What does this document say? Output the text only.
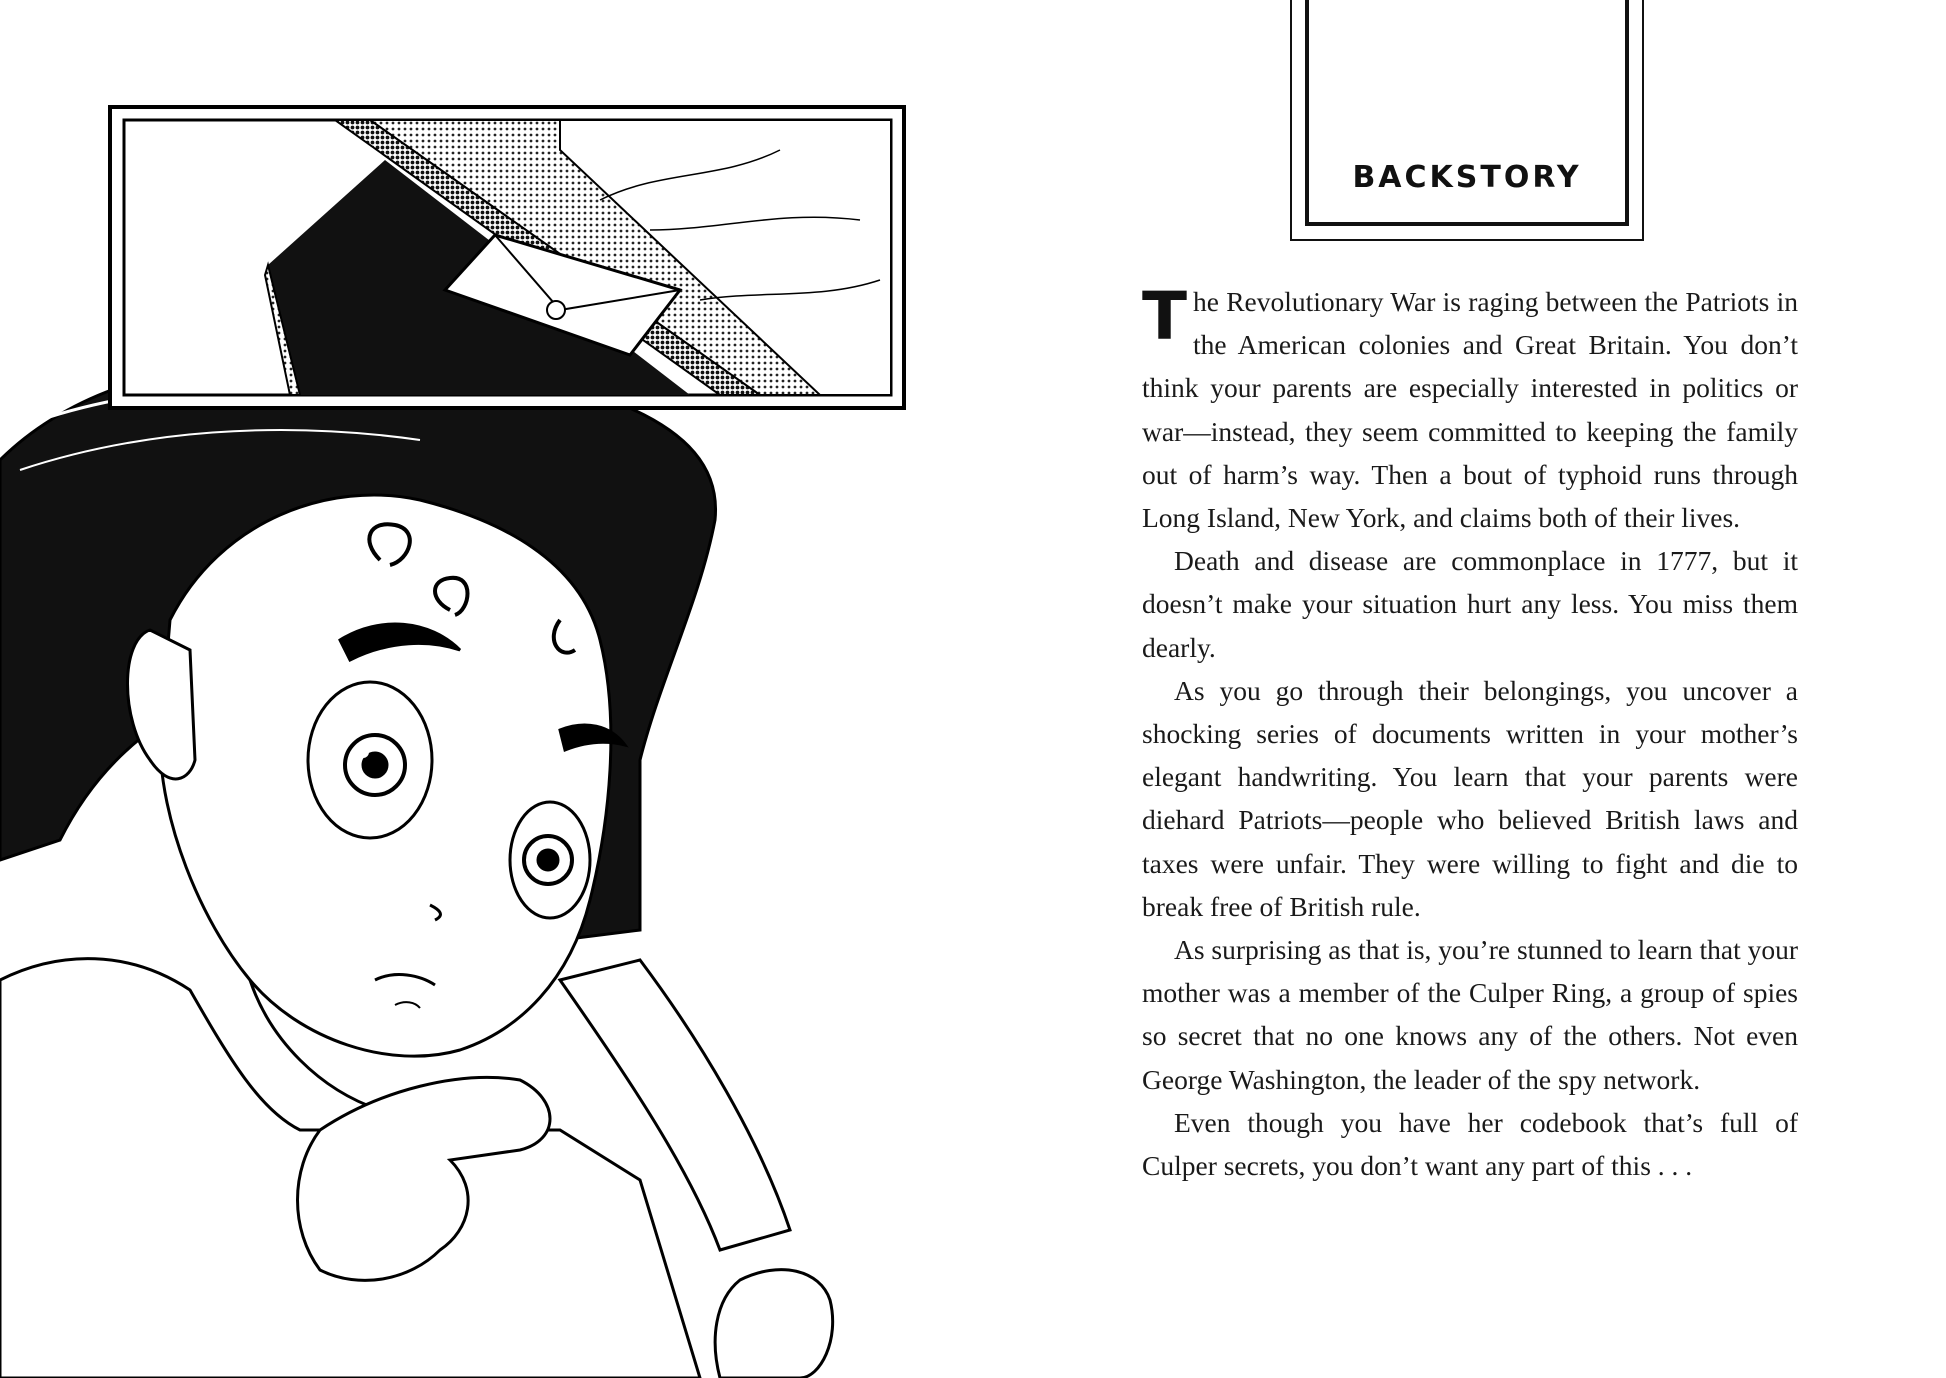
BACKSTORY

The Revolutionary War is raging between the Patriots in the American colonies and Great Britain. You don’t think your parents are especially interested in politics or war—instead, they seem committed to keeping the family out of harm’s way. Then a bout of typhoid runs through Long Island, New York, and claims both of their lives.

Death and disease are commonplace in 1777, but it doesn’t make your situation hurt any less. You miss them dearly.

As you go through their belongings, you uncover a shocking series of documents written in your mother’s elegant handwriting. You learn that your parents were diehard Patriots—people who believed British laws and taxes were unfair. They were willing to fight and die to break free of British rule.

As surprising as that is, you’re stunned to learn that your mother was a member of the Culper Ring, a group of spies so secret that no one knows any of the others. Not even George Washington, the leader of the spy network.

Even though you have her codebook that’s full of Culper secrets, you don’t want any part of this . . .
